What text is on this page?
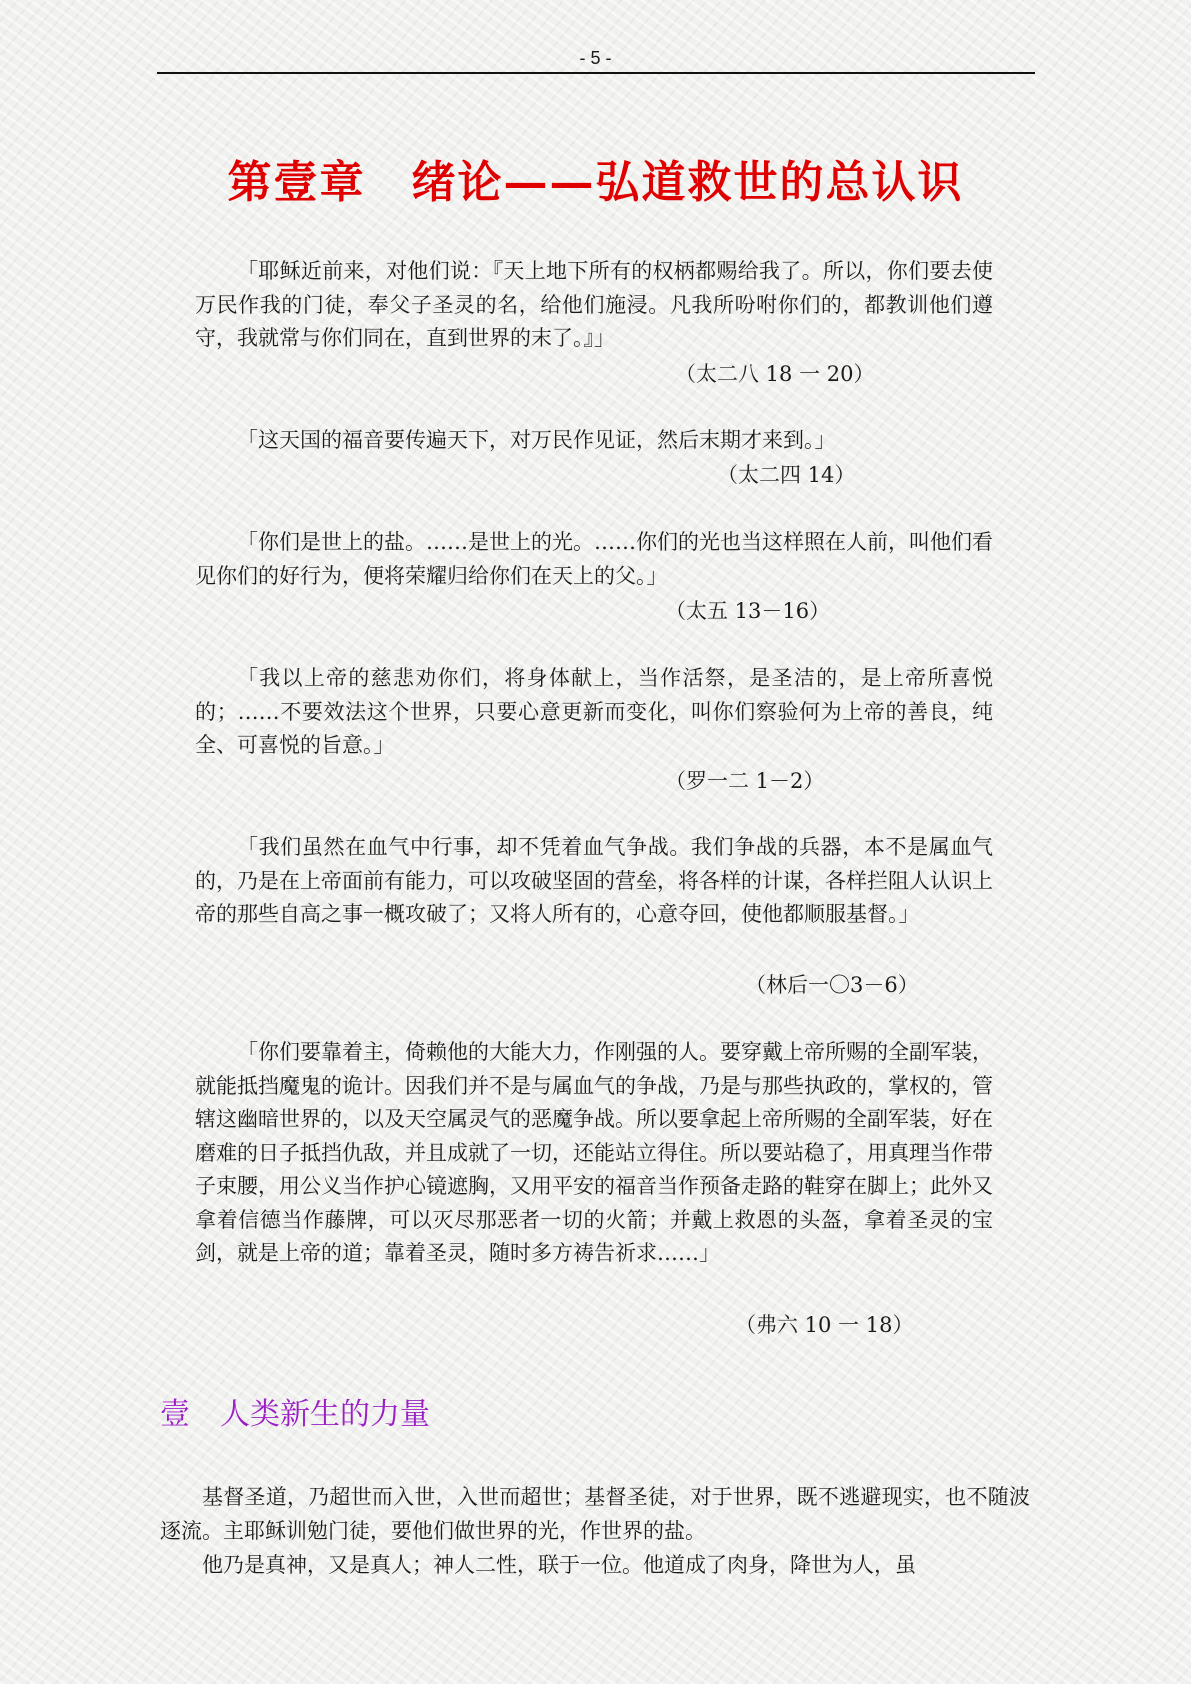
- 5 -
第壹章　绪论——弘道救世的总认识

「耶稣近前来，对他们说：『天上地下所有的权柄都赐给我了。所以，你们要去使万民作我的门徒，奉父子圣灵的名，给他们施浸。凡我所吩咐你们的，都教训他们遵守，我就常与你们同在，直到世界的末了。』」

（太二八 18 一 20）

「这天国的福音要传遍天下，对万民作见证，然后末期才来到。」

（太二四 14）

「你们是世上的盐。……是世上的光。……你们的光也当这样照在人前，叫他们看见你们的好行为，便将荣耀归给你们在天上的父。」

（太五 13－16）

「我以上帝的慈悲劝你们，将身体献上，当作活祭，是圣洁的，是上帝所喜悦的；……不要效法这个世界，只要心意更新而变化，叫你们察验何为上帝的善良，纯全、可喜悦的旨意。」

（罗一二 1－2）

「我们虽然在血气中行事，却不凭着血气争战。我们争战的兵器，本不是属血气的，乃是在上帝面前有能力，可以攻破坚固的营垒，将各样的计谋，各样拦阻人认识上帝的那些自高之事一概攻破了；又将人所有的，心意夺回，使他都顺服基督。」

（林后一〇3－6）

「你们要靠着主，倚赖他的大能大力，作刚强的人。要穿戴上帝所赐的全副军装，就能抵挡魔鬼的诡计。因我们并不是与属血气的争战，乃是与那些执政的，掌权的，管辖这幽暗世界的，以及天空属灵气的恶魔争战。所以要拿起上帝所赐的全副军装，好在磨难的日子抵挡仇敌，并且成就了一切，还能站立得住。所以要站稳了，用真理当作带子束腰，用公义当作护心镜遮胸，又用平安的福音当作预备走路的鞋穿在脚上；此外又拿着信德当作藤牌，可以灭尽那恶者一切的火箭；并戴上救恩的头盔，拿着圣灵的宝剑，就是上帝的道；靠着圣灵，随时多方祷告祈求……」

（弗六 10 一 18）
壹　人类新生的力量

基督圣道，乃超世而入世，入世而超世；基督圣徒，对于世界，既不逃避现实，也不随波逐流。主耶稣训勉门徒，要他们做世界的光，作世界的盐。

他乃是真神，又是真人；神人二性，联于一位。他道成了肉身，降世为人，虽
